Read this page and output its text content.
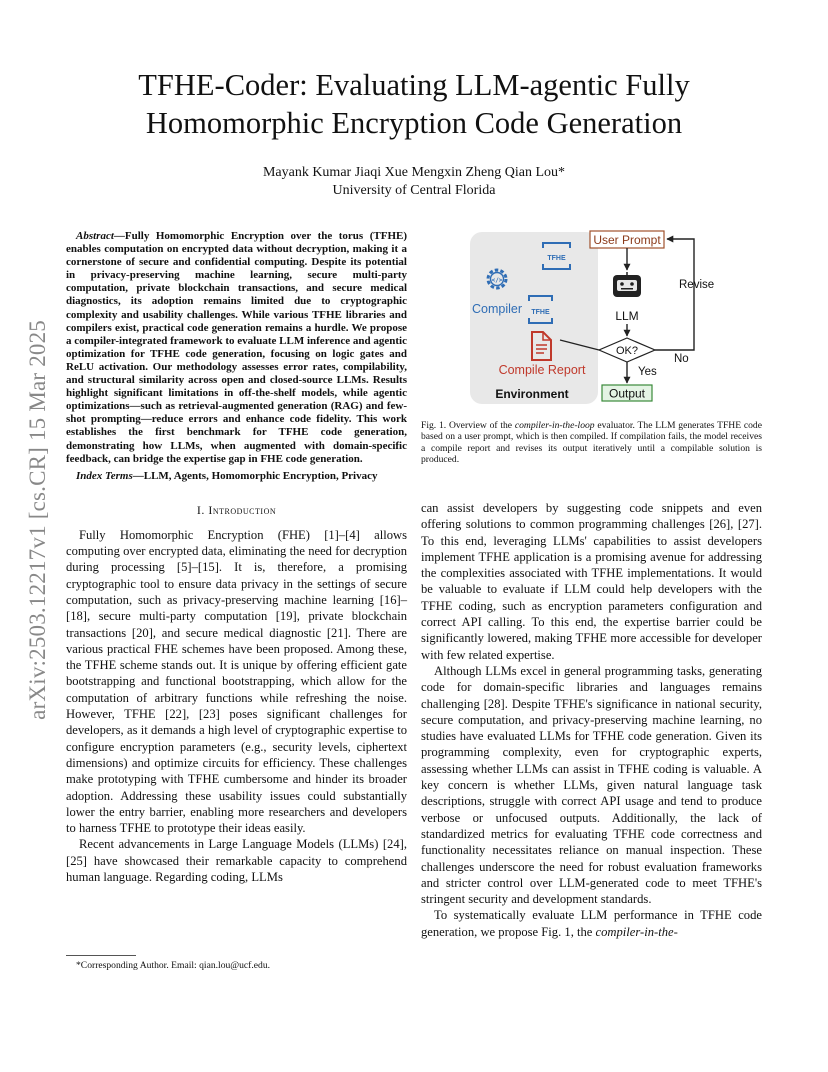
arXiv:2503.12217v1 [cs.CR] 15 Mar 2025
TFHE-Coder: Evaluating LLM-agentic Fully Homomorphic Encryption Code Generation
Mayank Kumar Jiaqi Xue Mengxin Zheng Qian Lou*
University of Central Florida

Abstract—Fully Homomorphic Encryption over the torus (TFHE) enables computation on encrypted data without decryption, making it a cornerstone of secure and confidential computing. Despite its potential in privacy-preserving machine learning, secure multi-party computation, private blockchain transactions, and secure medical diagnostics, its adoption remains limited due to cryptographic complexity and usability challenges. While various TFHE libraries and compilers exist, practical code generation remains a hurdle. We propose a compiler-integrated framework to evaluate LLM inference and agentic optimization for TFHE code generation, focusing on logic gates and ReLU activation. Our methodology assesses error rates, compilability, and structural similarity across open and closed-source LLMs. Results highlight significant limitations in off-the-shelf models, while agentic optimizations—such as retrieval-augmented generation (RAG) and few-shot prompting—reduce errors and enhance code fidelity. This work establishes the first benchmark for TFHE code generation, demonstrating how LLMs, when augmented with domain-specific feedback, can bridge the expertise gap in FHE code generation.

Index Terms—LLM, Agents, Homomorphic Encryption, Privacy

I. Introduction

Fully Homomorphic Encryption (FHE) [1]–[4] allows computing over encrypted data, eliminating the need for decryption during processing [5]–[15]. It is, therefore, a promising cryptographic tool to ensure data privacy in the settings of secure computation, such as privacy-preserving machine learning [16]–[18], secure multi-party computation [19], private blockchain transactions [20], and secure medical diagnostic [21]. There are various practical FHE schemes have been proposed. Among these, the TFHE scheme stands out. It is unique by offering efficient gate bootstrapping and functional bootstrapping, which allow for the computation of arbitrary functions while refreshing the noise. However, TFHE [22], [23] poses significant challenges for developers, as it demands a high level of cryptographic expertise to configure encryption parameters (e.g., security levels, ciphertext dimensions) and optimize circuits for efficiency. These challenges make prototyping with TFHE cumbersome and hinder its broader adoption. Addressing these usability issues could substantially lower the entry barrier, enabling more researchers and developers to harness TFHE to prototype their ideas easily.

Recent advancements in Large Language Models (LLMs) [24], [25] have showcased their remarkable capacity to comprehend human language. Regarding coding, LLMs

*Corresponding Author. Email: qian.lou@ucf.edu.
TFHE
</>
Compiler TFHE
Compile Report
Environment
User Prompt
LLM
OK?
Revise
No
Yes
Output
Fig. 1. Overview of the compiler-in-the-loop evaluator. The LLM generates TFHE code based on a user prompt, which is then compiled. If compilation fails, the model receives a compile report and revises its output iteratively until a compilable solution is produced.

can assist developers by suggesting code snippets and even offering solutions to common programming challenges [26], [27]. To this end, leveraging LLMs' capabilities to assist developers implement TFHE application is a promising avenue for addressing the complexities associated with TFHE implementations. It would be valuable to evaluate if LLM could help developers with the TFHE coding, such as encryption parameters configuration and correct API calling. To this end, the expertise barrier could be significantly lowered, making TFHE more accessible for developer with few related expertise.

Although LLMs excel in general programming tasks, generating code for domain-specific libraries and languages remains challenging [28]. Despite TFHE's significance in national security, secure computation, and privacy-preserving machine learning, no studies have evaluated LLMs for TFHE code generation. Given its programming complexity, even for cryptographic experts, assessing whether LLMs can assist in TFHE coding is valuable. A key concern is whether LLMs, given natural language task descriptions, struggle with correct API usage and tend to produce verbose or unfocused outputs. Additionally, the lack of standardized metrics for evaluating TFHE code correctness and functionality necessitates reliance on manual inspection. These challenges underscore the need for robust evaluation frameworks and stricter control over LLM-generated code to meet TFHE's stringent security and development standards.

To systematically evaluate LLM performance in TFHE code generation, we propose Fig. 1, the compiler-in-the-
